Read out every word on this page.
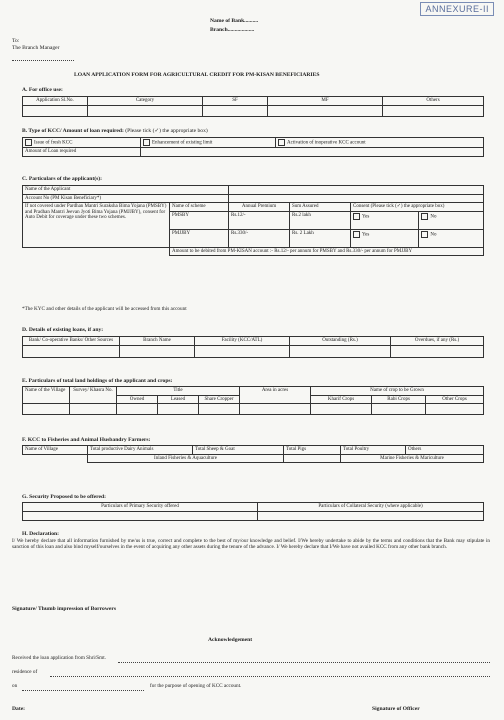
ANNEXURE-II
Name of Bank..........
Branch...................
To:
The Branch Manager
LOAN APPLICATION FORM FOR AGRICULTURAL CREDIT FOR PM-KISAN BENEFICIARIES
A. For office use:
Application Sl.No.	Category	SF	MF	Others

B. Type of KCC/ Amount of loan required: (Please tick (✓) the appropriate box)
Issue of fresh KCC	Enhancement of existing limit	Activation of inoperative KCC account
Amount of Loan required		
C. Particulars of the applicant(s):
Name of the Applicant					
Account No (PM Kisan Beneficiary*)					
If not covered under Pardhan Mantri Suraksha Bima Yojana (PMSBY) and Pradhan Mantri Jeevan Jyoti Bima Yojana (PMJJBY), consent for Auto Debit for coverage under these two schemes.	Name of scheme	Annual Premium	Sum Assured	Consent (Please tick (✓) the appropriate box)	
	PMSBY	Rs.12/-	Rs.2 lakh	Yes	No
	PMJJBY	Rs.330/-	Rs. 2 Lakh	Yes	No
	Amount to be debited from PM-KISAN account :- Rs.12/- per annum for PMSBY and Rs.330/- per annum for PMJJBY				
*The KYC and other details of the applicant will be accessed from this account
D. Details of existing loans, if any:
Bank/ Co-operative Banks/ Other Sources	Branch Name	Facility (KCC/ATL)	Outstanding (Rs.)	Overdues, if any (Rs.)

E. Particulars of total land holdings of the applicant and crops:
Name of the Village	Survey/ Khasra No.	Title			Area in acres	Name of crop to be Grown		
		Owned	Leased	Share Cropper		Kharif Crops	Rabi Crops	Other Crops

F. KCC to Fisheries and Animal Husbandry Farmers:
Name of Village	Total productive Dairy Animals	Total Sheep & Goat	Total Pigs	Total Poultry	Others
	Inland Fisheries & Aquaculture			Marine Fisheries & Mariculture	
G. Security Proposed to be offered:
Particulars of Primary Security offered	Particulars of Collateral Security (where applicable)

H. Declaration:
I/ We hereby declare that all information furnished by me/us is true, correct and complete to the best of my/our knowledge and belief. I/We hereby undertake to abide by the terms and conditions that the Bank may stipulate in sanction of this loan and also bind myself/ourselves in the event of acquiring any other assets during the tenure of the advance. I/ We hereby declare that I/We have not availed KCC from any other bank branch.
Signature/ Thumb impression of Borrowers
Acknowledgement
Received the loan application from Shri/Smt.
residence of
on	for the purpose of opening of KCC account.
Date:	Signature of Officer
